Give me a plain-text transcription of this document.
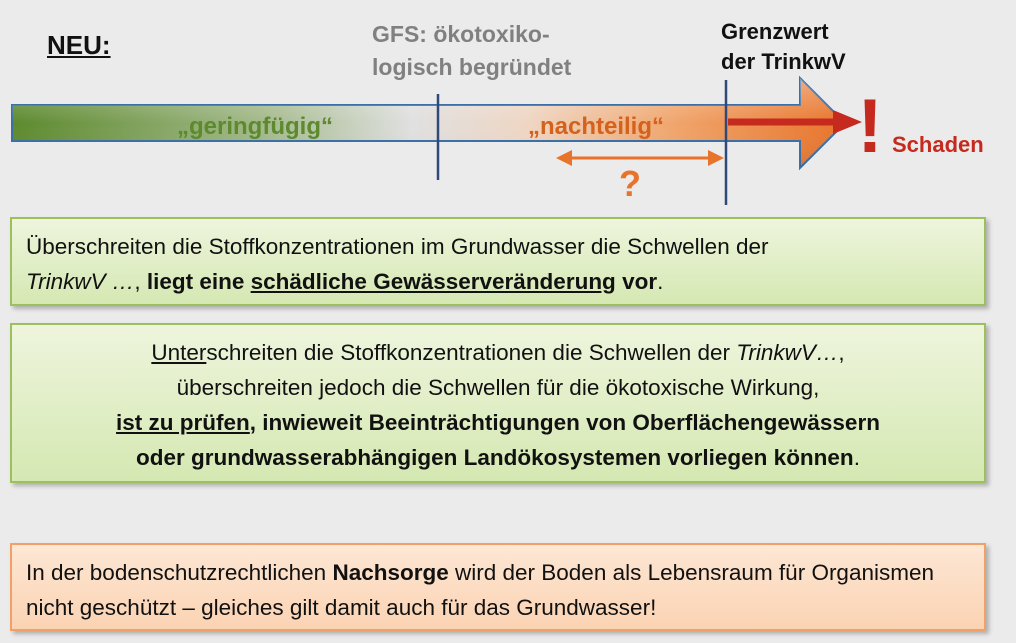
NEU:	GFS: ökotoxiko-
logisch begründet
Grenzwert
der TrinkwV
„geringfügig“	„nachteilig“
?
! Schaden
Überschreiten die Stoffkonzentrationen im Grundwasser die Schwellen der
TrinkwV …, liegt eine schädliche Gewässerveränderung vor.
Unterschreiten die Stoffkonzentrationen die Schwellen der TrinkwV…,
überschreiten jedoch die Schwellen für die ökotoxische Wirkung,
ist zu prüfen, inwieweit Beeinträchtigungen von Oberflächengewässern
oder grundwasserabhängigen Landökosystemen vorliegen können.
In der bodenschutzrechtlichen Nachsorge wird der Boden als Lebensraum für Organismen nicht geschützt – gleiches gilt damit auch für das Grundwasser!
